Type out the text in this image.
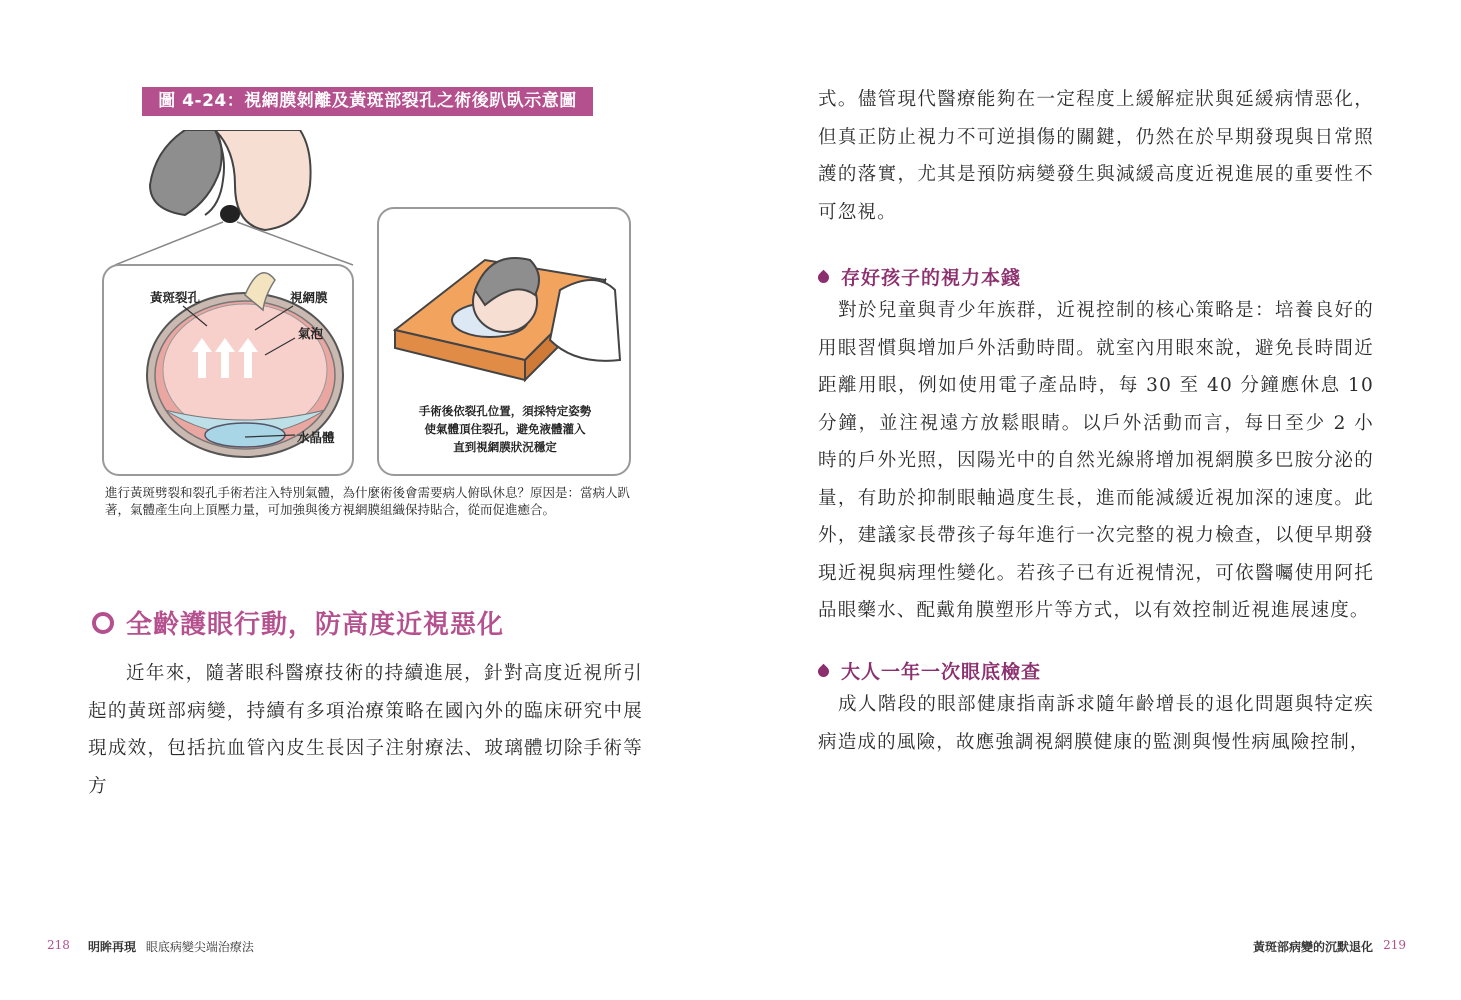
圖 4-24：視網膜剝離及黃斑部裂孔之術後趴臥示意圖
黃斑裂孔	視網膜
氣泡
水晶體
手術後依裂孔位置，須採特定姿勢
使氣體頂住裂孔，避免液體灌入
直到視網膜狀況穩定
進行黃斑劈裂和裂孔手術若注入特別氣體，為什麼術後會需要病人俯臥休息？原因是：當病人趴著，氣體產生向上頂壓力量，可加強與後方視網膜組織保持貼合，從而促進癒合。
全齡護眼行動，防高度近視惡化
近年來，隨著眼科醫療技術的持續進展，針對高度近視所引起的黃斑部病變，持續有多項治療策略在國內外的臨床研究中展現成效，包括抗血管內皮生長因子注射療法、玻璃體切除手術等方
式。儘管現代醫療能夠在一定程度上緩解症狀與延緩病情惡化，但真正防止視力不可逆損傷的關鍵，仍然在於早期發現與日常照護的落實，尤其是預防病變發生與減緩高度近視進展的重要性不可忽視。
存好孩子的視力本錢
對於兒童與青少年族群，近視控制的核心策略是：培養良好的用眼習慣與增加戶外活動時間。就室內用眼來說，避免長時間近距離用眼，例如使用電子產品時，每 30 至 40 分鐘應休息 10 分鐘，並注視遠方放鬆眼睛。以戶外活動而言，每日至少 2 小時的戶外光照，因陽光中的自然光線將增加視網膜多巴胺分泌的量，有助於抑制眼軸過度生長，進而能減緩近視加深的速度。此外，建議家長帶孩子每年進行一次完整的視力檢查，以便早期發現近視與病理性變化。若孩子已有近視情況，可依醫囑使用阿托品眼藥水、配戴角膜塑形片等方式，以有效控制近視進展速度。
大人一年一次眼底檢查
成人階段的眼部健康指南訴求隨年齡增長的退化問題與特定疾病造成的風險，故應強調視網膜健康的監測與慢性病風險控制，
218 明眸再現 眼底病變尖端治療法	黃斑部病變的沉默退化 219
